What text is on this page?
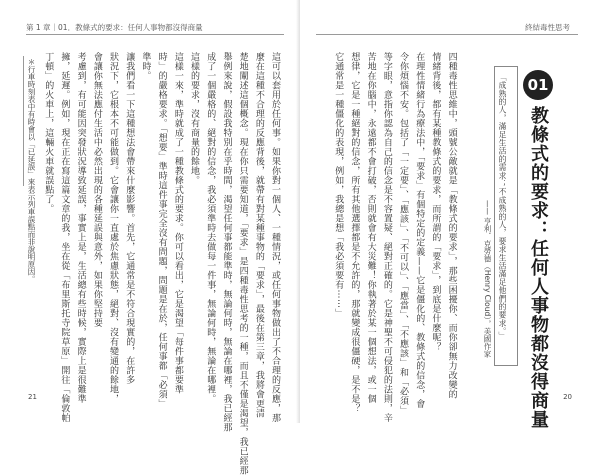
第 1 章｜01．教條式的要求：任何人事物都沒得商量
這可以套用於任何事。如果你對一個人、一種情況，或任何事物做出了不合理的反應，那
麼在這種不合理的反應背後，就帶有對某種事物的「要求」，最後在第三章，我將會更清
楚地闡述這個概念。現在你只需要知道，「要求」是四種毒性思考的一種，而且不僅是渴望，我已經那
舉例來說，假設我特別在乎時間，渴望任何事都能準時，無論何時，無論在哪裡，我已經那
成了一個嚴格的、絕對的信念，我必須準時去做每一件事，無論何時，無論在哪裡。
這樣的要求，沒有商量的餘地。
這樣一來，準時就成了一種教條式的要求。你可以看出，它是渴望「每件事都要準
時」的嚴格要求。「想要」準時這件事完全沒有問題，問題是在於，任何事都「必須」
準時。
讓我們看一下這種想法會帶來什麼影響。首先，它通常是不符合現實的，在許多
狀況下，它根本不可能做到。它會讓你一直處於焦慮狀態，絕對、沒有變通的餘地，
會讓你無法應付生活中必然出現的各種延誤與意外，如果你堅持要
考慮到，有可能因突發狀況導致延誤，事實上是，生活總有些時候，實際上是很難準
擁，延遲。例如，現在正在寫這篇文章的我，坐在從「布里斯托寺院草原」開往「倫敦帕
丁頓」的火車上，這輛火車就誤點了。
＊行車時刻表中有時會以「已延誤」來表示列車誤點而非說明原因。
21
終結毒性思考
01
教條式的要求：任何人事物都沒得商量
「成熟的人，滿足生活的需求；不成熟的人，要求生活滿足他們的要求。」
—— 亨利．克勞德（Henry Cloud），美國作家
四種毒性思維中，頭號公敵就是「教條式的要求」，那些困擾你、而你卻無力改變的
情緒背後，都有某種教條式的要求，而所謂的「要求」，到底是什麼呢？
在理性情緒行為療法中，「要求」有個特定的定義——它是僵化的、教條式的信念，會
令你煩惱不安。包括了「一定要」、「應該」、「不可以」、「應當」、「不應該」和「必須」
等字眼，意指你認為自己的信念是不容置疑、絕對正確的。它是神聖不可侵犯的法則，辛
苦地在你腦中，永遠都不會打破，否則就會有大災難！你執著於某一個想法，或一個
想律，它是一種絕對的信念，所有其他選擇都是不允許的，那就變成很僵硬，是不是？
它通常是一種僵化的表現，例如，我總是想「我必須要有⋯⋯」
20
